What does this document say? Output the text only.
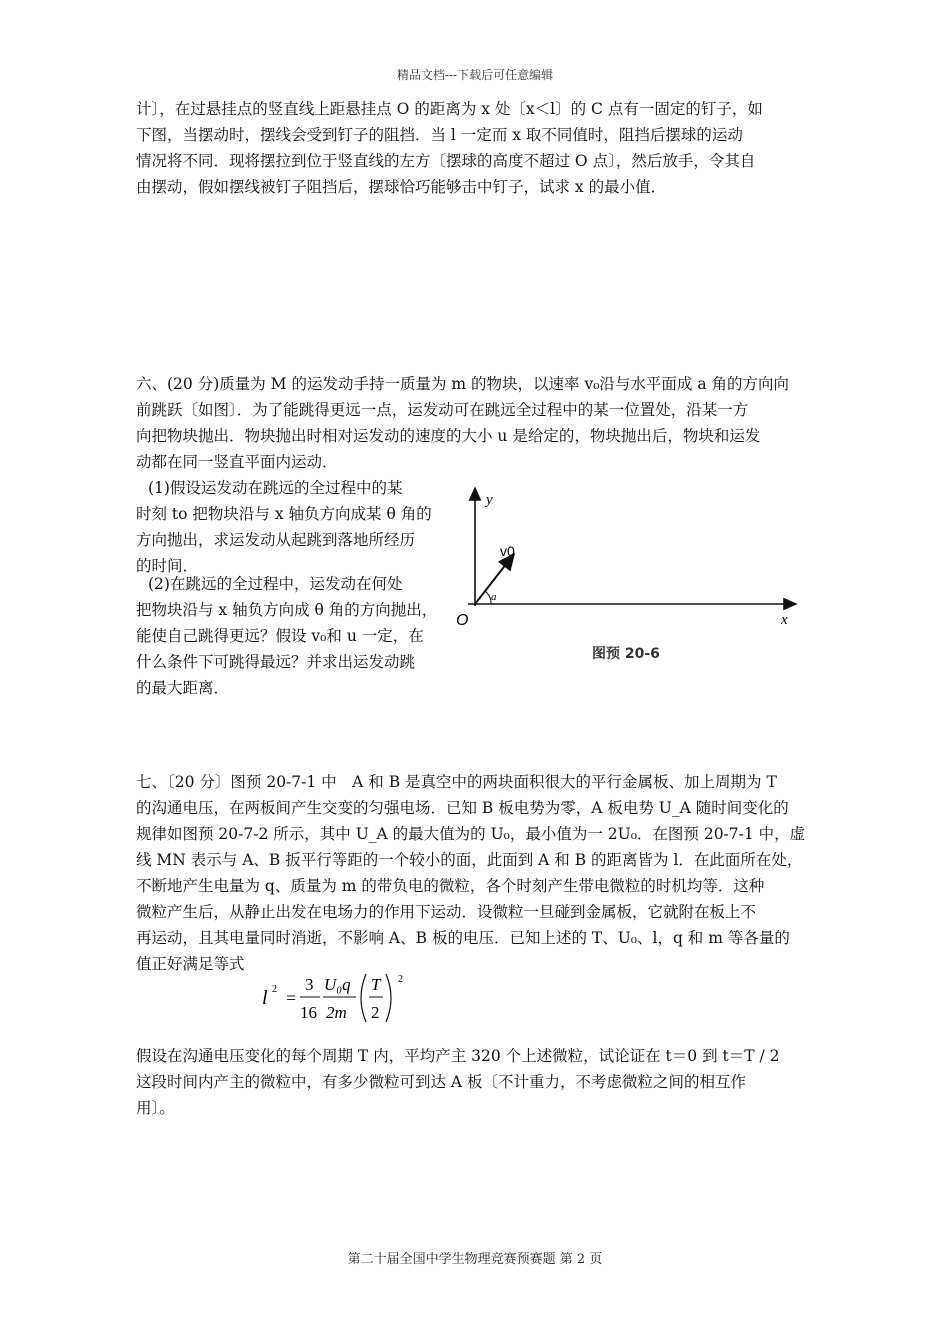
精品文档---下载后可任意编辑
计〕，在过悬挂点的竖直线上距悬挂点 O 的距离为 x 处〔x＜l〕的 C 点有一固定的钉子，如
下图，当摆动时，摆线会受到钉子的阻挡．当 l 一定而 x 取不同值时，阻挡后摆球的运动
情况将不同．现将摆拉到位于竖直线的左方〔摆球的高度不超过 O 点〕，然后放手，令其自
由摆动，假如摆线被钉子阻挡后，摆球恰巧能够击中钉子，试求 x 的最小值．
六、(20 分)质量为 M 的运发动手持一质量为 m 的物块，以速率 v₀沿与水平面成 a 角的方向向
前跳跃〔如图〕．为了能跳得更远一点，运发动可在跳远全过程中的某一位置处，沿某一方
向把物块抛出．物块抛出时相对运发动的速度的大小 u 是给定的，物块抛出后，物块和运发
动都在同一竖直平面内运动．
(1)假设运发动在跳远的全过程中的某
时刻 to 把物块沿与 x 轴负方向成某 θ 角的
方向抛出，求运发动从起跳到落地所经历
的时间．
(2)在跳远的全过程中，运发动在何处
把物块沿与 x 轴负方向成 θ 角的方向抛出，
能使自己跳得更远？假设 v₀和 u 一定，在
什么条件下可跳得最远？并求出运发动跳
的最大距离．
y
x
O
v0
a
图预 20-6
七、〔20 分〕图预 20-7-1 中　A 和 B 是真空中的两块面积很大的平行金属板、加上周期为 T
的沟通电压，在两板间产生交变的匀强电场．已知 B 板电势为零，A 板电势 U_A 随时间变化的
规律如图预 20-7-2 所示，其中 U_A 的最大值为的 U₀，最小值为一 2U₀．在图预 20-7-1 中，虚
线 MN 表示与 A、B 扳平行等距的一个较小的面，此面到 A 和 B 的距离皆为 l．在此面所在处，
不断地产生电量为 q、质量为 m 的带负电的微粒，各个时刻产生带电微粒的时机均等．这种
微粒产生后，从静止出发在电场力的作用下运动．设微粒一旦碰到金属板，它就附在板上不
再运动，且其电量同时消逝，不影响 A、B 板的电压．已知上述的 T、U₀、l，q 和 m 等各量的
值正好满足等式
l 2 =
3
16
U₀q
2m
T
2
2
假设在沟通电压变化的每个周期 T 内，平均产主 320 个上述微粒，试论证在 t＝0 到 t＝T / 2
这段时间内产主的微粒中，有多少微粒可到达 A 板〔不计重力，不考虑微粒之间的相互作
用〕。
第二十届全国中学生物理竞赛预赛题 第 2 页
